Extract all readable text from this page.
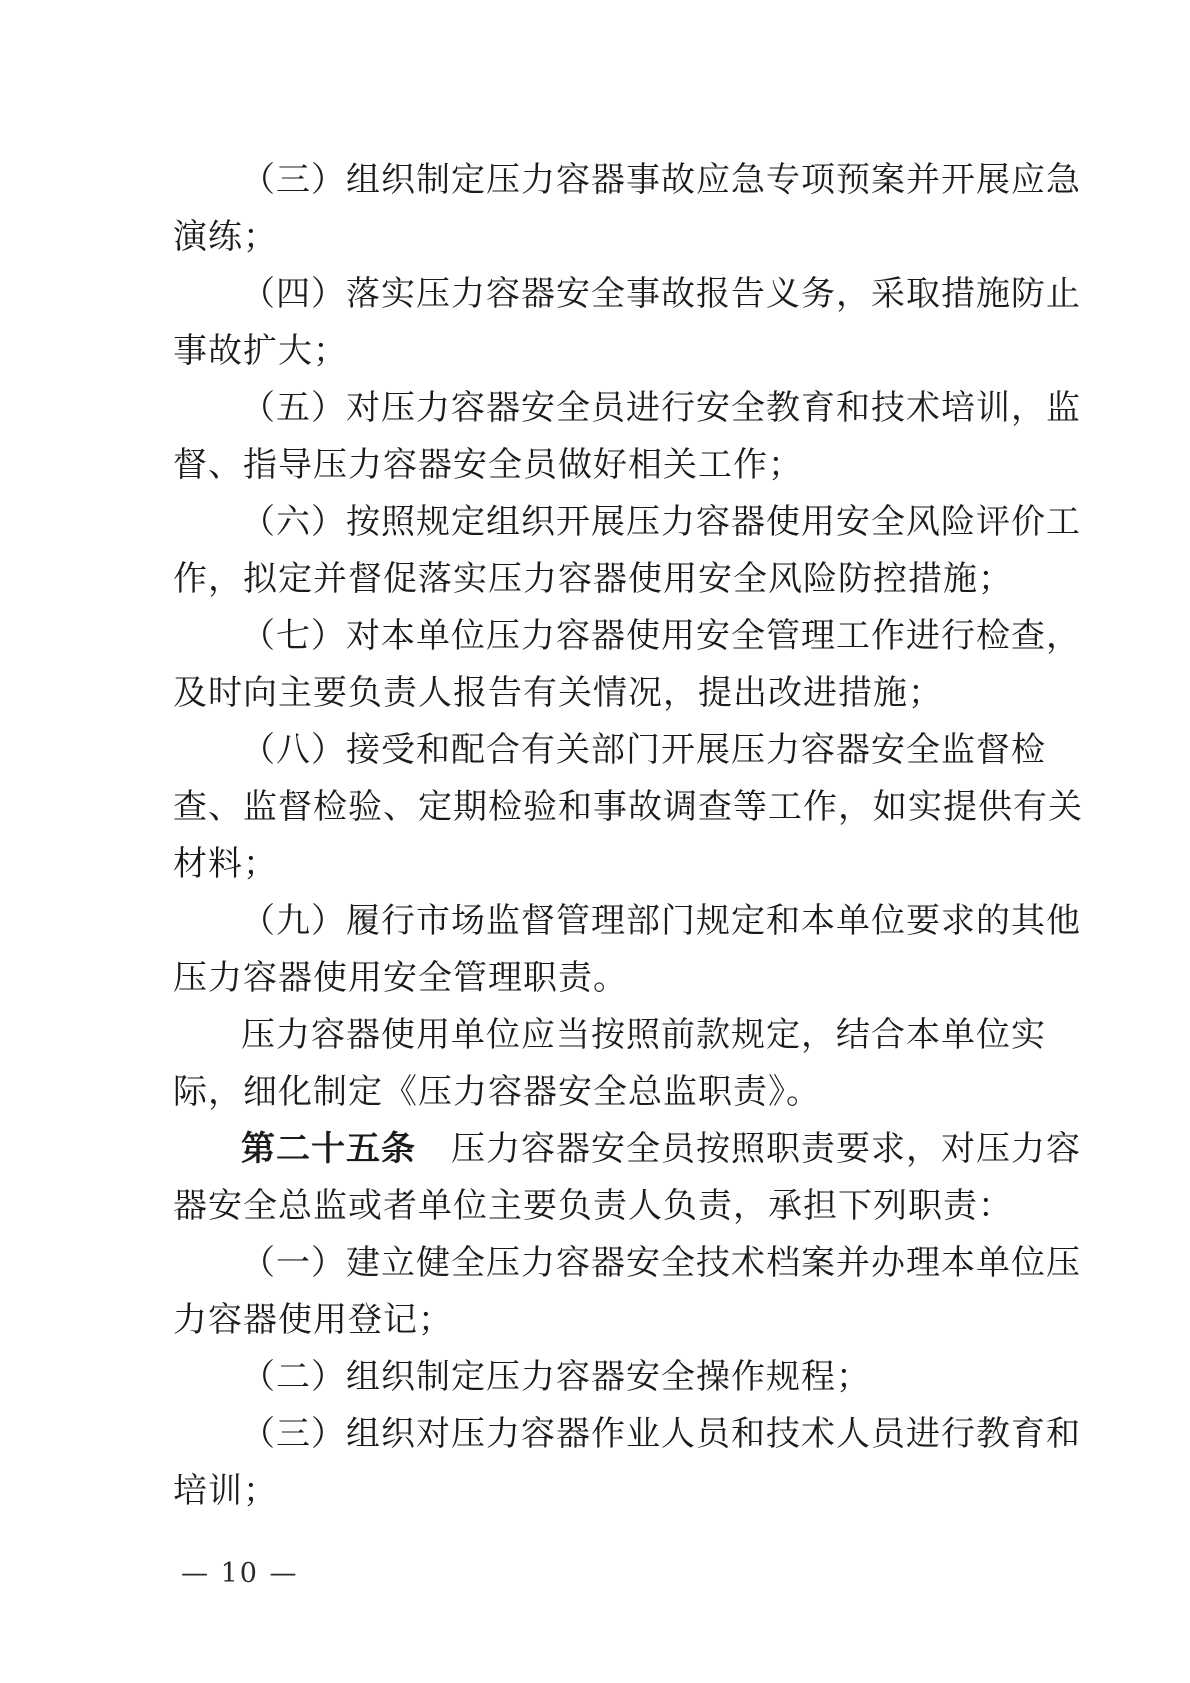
（三）组织制定压力容器事故应急专项预案并开展应急
演练；
（四）落实压力容器安全事故报告义务，采取措施防止
事故扩大；
（五）对压力容器安全员进行安全教育和技术培训，监
督、指导压力容器安全员做好相关工作；
（六）按照规定组织开展压力容器使用安全风险评价工
作，拟定并督促落实压力容器使用安全风险防控措施；
（七）对本单位压力容器使用安全管理工作进行检查，
及时向主要负责人报告有关情况，提出改进措施；
（八）接受和配合有关部门开展压力容器安全监督检
查、监督检验、定期检验和事故调查等工作，如实提供有关
材料；
（九）履行市场监督管理部门规定和本单位要求的其他
压力容器使用安全管理职责。
压力容器使用单位应当按照前款规定，结合本单位实
际，细化制定《压力容器安全总监职责》。
第二十五条　压力容器安全员按照职责要求，对压力容
器安全总监或者单位主要负责人负责，承担下列职责：
（一）建立健全压力容器安全技术档案并办理本单位压
力容器使用登记；
（二）组织制定压力容器安全操作规程；
（三）组织对压力容器作业人员和技术人员进行教育和
培训；
— 10 —
